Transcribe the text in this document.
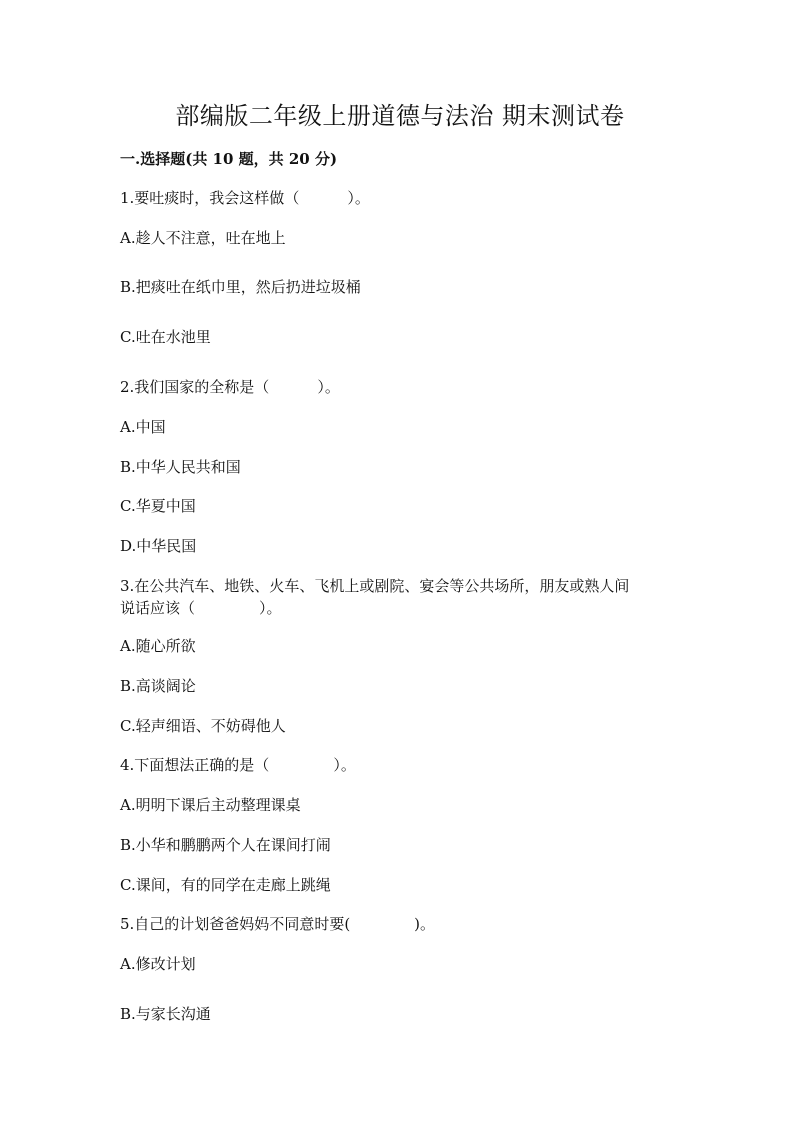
部编版二年级上册道德与法治 期末测试卷
一.选择题(共 10 题，共 20 分)
1.要吐痰时，我会这样做（	）。
A.趁人不注意，吐在地上
B.把痰吐在纸巾里，然后扔进垃圾桶
C.吐在水池里
2.我们国家的全称是（	）。
A.中国
B.中华人民共和国
C.华夏中国
D.中华民国
3.在公共汽车、地铁、火车、飞机上或剧院、宴会等公共场所，朋友或熟人间
说话应该（	）。
A.随心所欲
B.高谈阔论
C.轻声细语、不妨碍他人
4.下面想法正确的是（	）。
A.明明下课后主动整理课桌
B.小华和鹏鹏两个人在课间打闹
C.课间，有的同学在走廊上跳绳
5.自己的计划爸爸妈妈不同意时要(	)。
A.修改计划
B.与家长沟通
